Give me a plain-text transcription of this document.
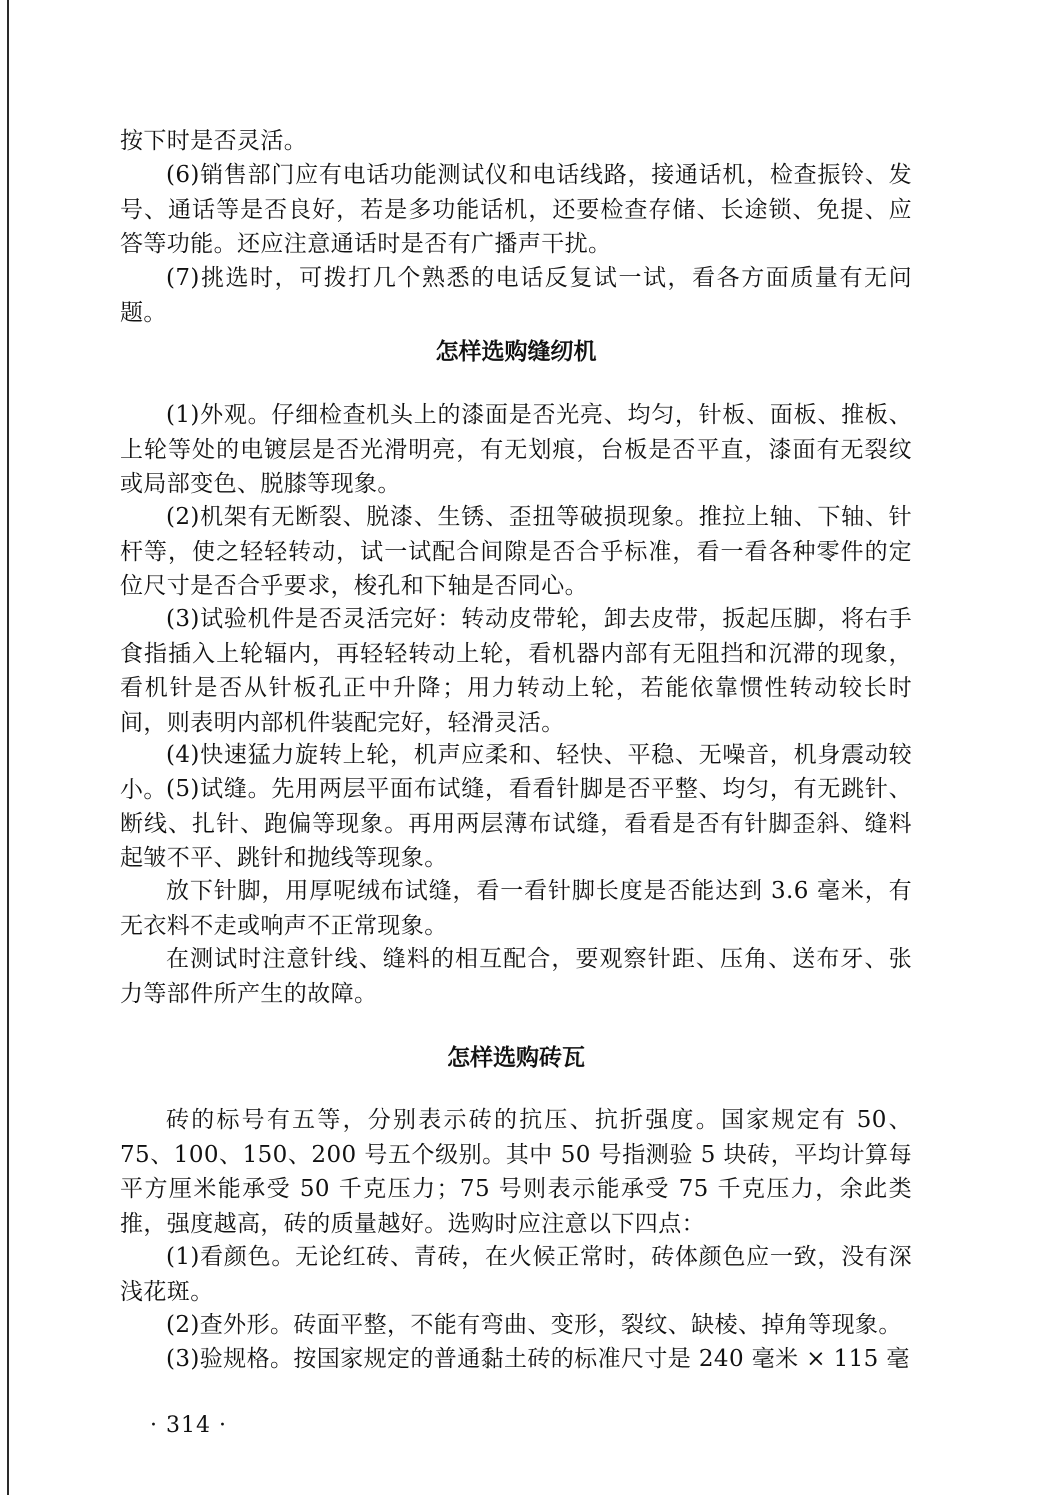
按下时是否灵活。

(6)销售部门应有电话功能测试仪和电话线路，接通话机，检查振铃、发号、通话等是否良好，若是多功能话机，还要检查存储、长途锁、免提、应答等功能。还应注意通话时是否有广播声干扰。

(7)挑选时，可拨打几个熟悉的电话反复试一试，看各方面质量有无问题。

怎样选购缝纫机

(1)外观。仔细检查机头上的漆面是否光亮、均匀，针板、面板、推板、上轮等处的电镀层是否光滑明亮，有无划痕，台板是否平直，漆面有无裂纹或局部变色、脱膝等现象。

(2)机架有无断裂、脱漆、生锈、歪扭等破损现象。推拉上轴、下轴、针杆等，使之轻轻转动，试一试配合间隙是否合乎标准，看一看各种零件的定位尺寸是否合乎要求，梭孔和下轴是否同心。

(3)试验机件是否灵活完好：转动皮带轮，卸去皮带，扳起压脚，将右手食指插入上轮辐内，再轻轻转动上轮，看机器内部有无阻挡和沉滞的现象，看机针是否从针板孔正中升降；用力转动上轮，若能依靠惯性转动较长时间，则表明内部机件装配完好，轻滑灵活。

(4)快速猛力旋转上轮，机声应柔和、轻快、平稳、无噪音，机身震动较小。 (5)试缝。先用两层平面布试缝，看看针脚是否平整、均匀，有无跳针、断线、扎针、跑偏等现象。再用两层薄布试缝，看看是否有针脚歪斜、缝料起皱不平、跳针和抛线等现象。

放下针脚，用厚呢绒布试缝，看一看针脚长度是否能达到 3.6 毫米，有无衣料不走或响声不正常现象。

在测试时注意针线、缝料的相互配合，要观察针距、压角、送布牙、张力等部件所产生的故障。

怎样选购砖瓦

砖的标号有五等，分别表示砖的抗压、抗折强度。国家规定有 50、75、100、150、200 号五个级别。其中 50 号指测验 5 块砖，平均计算每平方厘米能承受 50 千克压力；75 号则表示能承受 75 千克压力，余此类推，强度越高，砖的质量越好。选购时应注意以下四点：

(1)看颜色。无论红砖、青砖，在火候正常时，砖体颜色应一致，没有深浅花斑。

(2)查外形。砖面平整，不能有弯曲、变形，裂纹、缺棱、掉角等现象。

(3)验规格。按国家规定的普通黏土砖的标准尺寸是 240 毫米 × 115 毫

· 314 ·
